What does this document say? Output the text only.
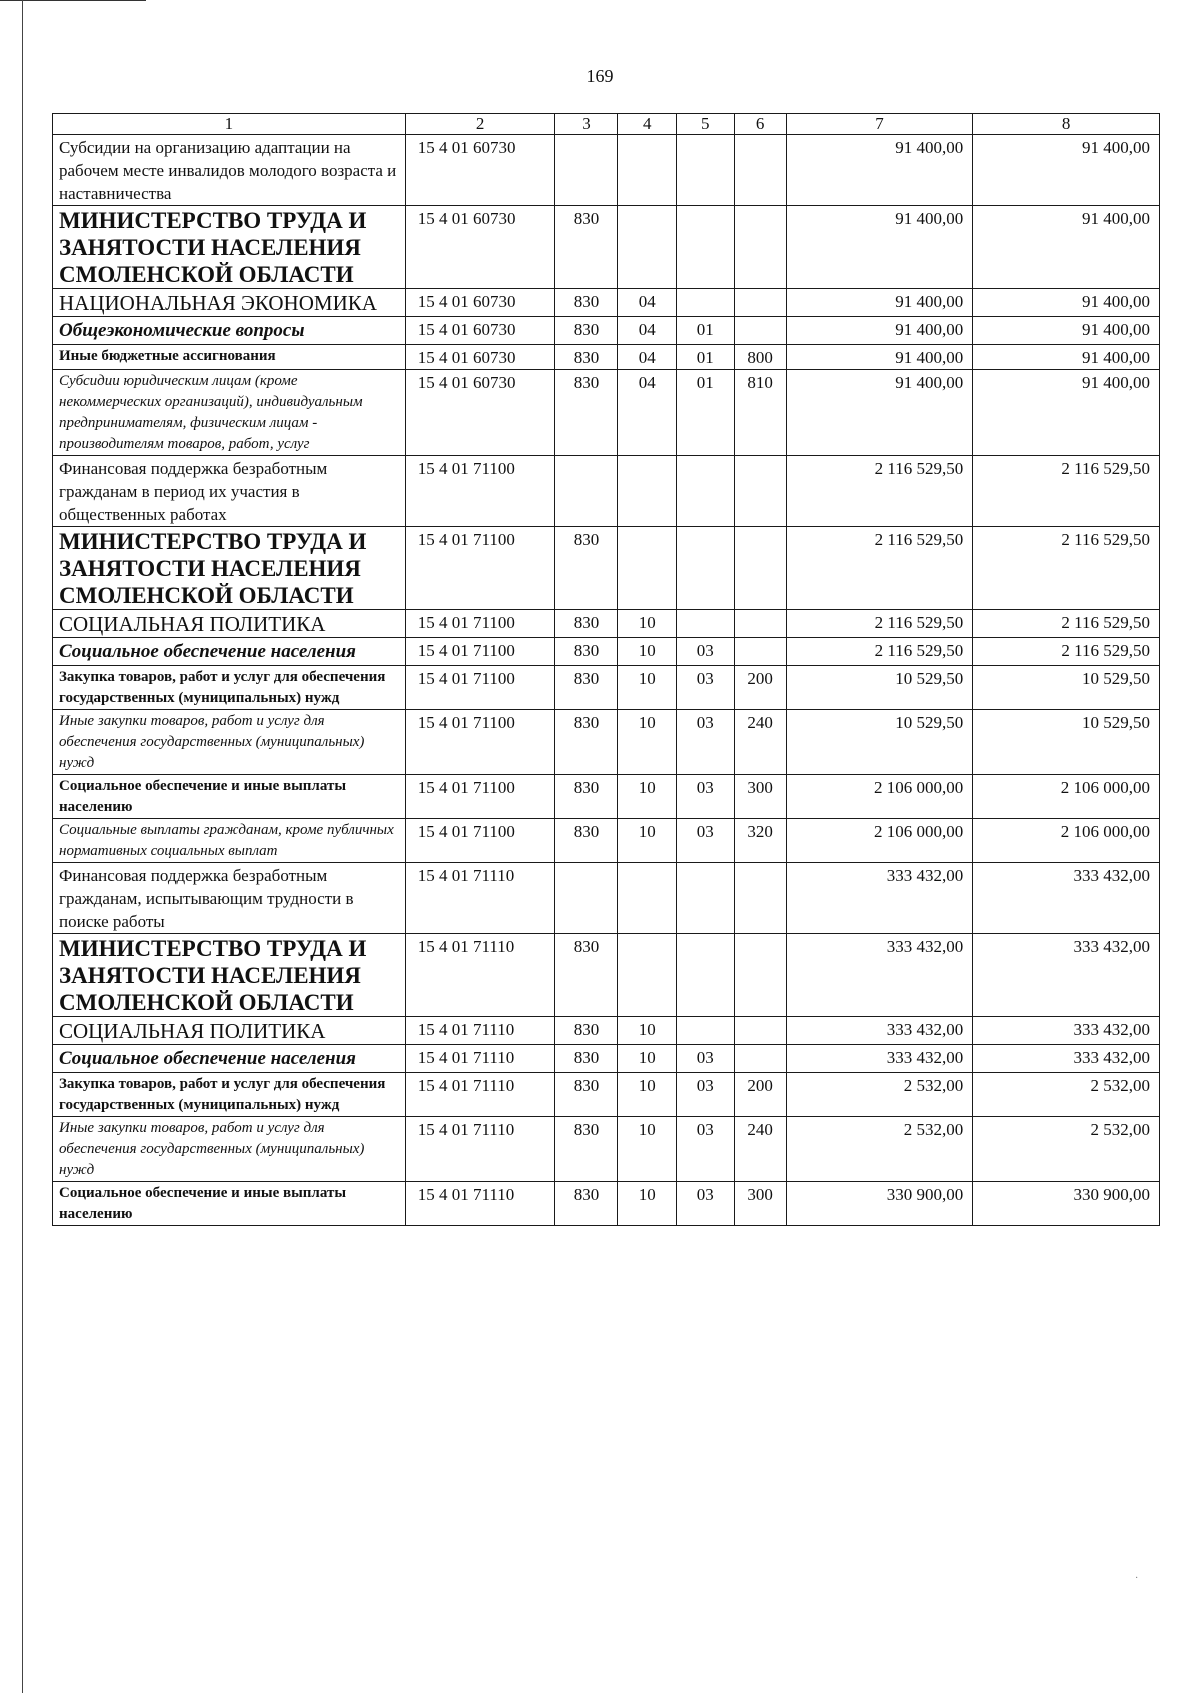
169
1	2	3	4	5	6	7	8
Субсидии на организацию адаптации на рабочем месте инвалидов молодого возраста и наставничества	15 4 01 60730					91 400,00	91 400,00
МИНИСТЕРСТВО ТРУДА И ЗАНЯТОСТИ НАСЕЛЕНИЯ СМОЛЕНСКОЙ ОБЛАСТИ	15 4 01 60730	830				91 400,00	91 400,00
НАЦИОНАЛЬНАЯ ЭКОНОМИКА	15 4 01 60730	830	04			91 400,00	91 400,00
Общеэкономические вопросы	15 4 01 60730	830	04	01		91 400,00	91 400,00
Иные бюджетные ассигнования	15 4 01 60730	830	04	01	800	91 400,00	91 400,00
Субсидии юридическим лицам (кроме некоммерческих организаций), индивидуальным предпринимателям, физическим лицам - производителям товаров, работ, услуг	15 4 01 60730	830	04	01	810	91 400,00	91 400,00
Финансовая поддержка безработным гражданам в период их участия в общественных работах	15 4 01 71100					2 116 529,50	2 116 529,50
МИНИСТЕРСТВО ТРУДА И ЗАНЯТОСТИ НАСЕЛЕНИЯ СМОЛЕНСКОЙ ОБЛАСТИ	15 4 01 71100	830				2 116 529,50	2 116 529,50
СОЦИАЛЬНАЯ ПОЛИТИКА	15 4 01 71100	830	10			2 116 529,50	2 116 529,50
Социальное обеспечение населения	15 4 01 71100	830	10	03		2 116 529,50	2 116 529,50
Закупка товаров, работ и услуг для обеспечения государственных (муниципальных) нужд	15 4 01 71100	830	10	03	200	10 529,50	10 529,50
Иные закупки товаров, работ и услуг для обеспечения государственных (муниципальных) нужд	15 4 01 71100	830	10	03	240	10 529,50	10 529,50
Социальное обеспечение и иные выплаты населению	15 4 01 71100	830	10	03	300	2 106 000,00	2 106 000,00
Социальные выплаты гражданам, кроме публичных нормативных социальных выплат	15 4 01 71100	830	10	03	320	2 106 000,00	2 106 000,00
Финансовая поддержка безработным гражданам, испытывающим трудности в поиске работы	15 4 01 71110					333 432,00	333 432,00
МИНИСТЕРСТВО ТРУДА И ЗАНЯТОСТИ НАСЕЛЕНИЯ СМОЛЕНСКОЙ ОБЛАСТИ	15 4 01 71110	830				333 432,00	333 432,00
СОЦИАЛЬНАЯ ПОЛИТИКА	15 4 01 71110	830	10			333 432,00	333 432,00
Социальное обеспечение населения	15 4 01 71110	830	10	03		333 432,00	333 432,00
Закупка товаров, работ и услуг для обеспечения государственных (муниципальных) нужд	15 4 01 71110	830	10	03	200	2 532,00	2 532,00
Иные закупки товаров, работ и услуг для обеспечения государственных (муниципальных) нужд	15 4 01 71110	830	10	03	240	2 532,00	2 532,00
Социальное обеспечение и иные выплаты населению	15 4 01 71110	830	10	03	300	330 900,00	330 900,00
·
